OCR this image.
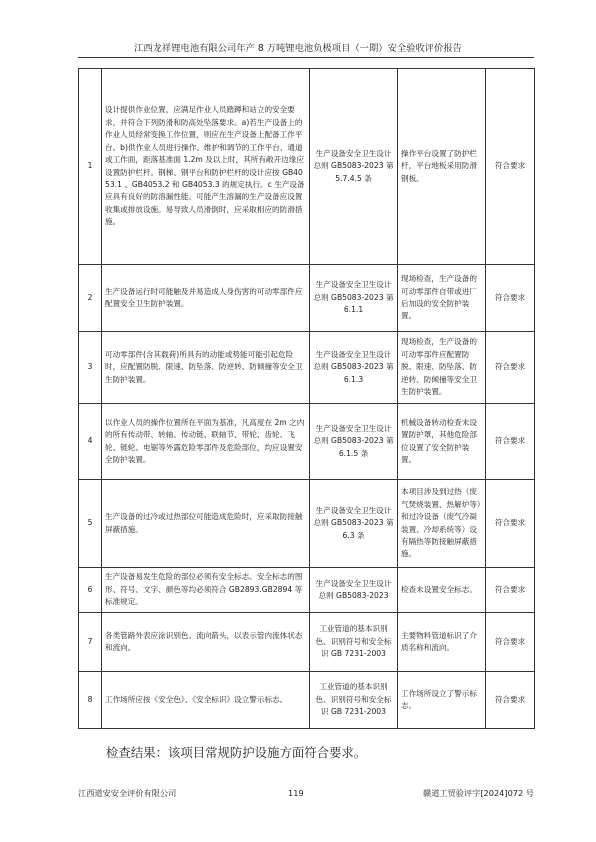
江西龙祥锂电池有限公司年产 8 万吨锂电池负极项目（一期）安全验收评价报告
1	设计提供作业位置，应满足作业人员踏蹲和站立的安全要求，并符合下列防滑和防高处坠落要求。a)若生产设备上的作业人员经常变换工作位置，则应在生产设备上配备工作平台。b)供作业人员进行操作、维护和调节的工作平台、通道或工作面，距落基准面 1.2m 及以上时，其所有敞开边缘应设置防护栏杆。钢梯、钢平台和防护栏杆的设计应按 GB4053.1 、GB4053.2 和 GB4053.3 的规定执行。c 生产设备应具有良好的防溶漏性能。可能产生溶漏的生产设备应设置收集或排放设施。易导致人员滑倒时，应采取相应的防滑措施。	生产设备安全卫生设计总则 GB5083-2023 第 5.7.4.5 条	操作平台设置了防护栏杆，平台地板采用防滑钢板。	符合要求
2	生产设备运行时可能触及并易造成人身伤害的可动零部件应配置安全卫生防护装置。	生产设备安全卫生设计总则 GB5083-2023 第 6.1.1	现场检查，生产设备的可动零部件自带或进厂后加设的安全防护装置。	符合要求
3	可动零部件(含其载荷)所具有的动能或势能可能引起危险时，应配置防脱、限速、防坠落、防逆转、防倾撞等安全卫生防护装置。	生产设备安全卫生设计总则 GB5083-2023 第 6.1.3	现场检查，生产设备的可动零部件应配置防脱、限速、防坠落、防逆转、防倾撞等安全卫生防护装置。	符合要求
4	以作业人员的操作位置所在平面为基准，凡高度在 2m 之内的所有传动带、转轴、传动链、联轴节、带轮、齿轮、飞轮、链轮、电锯等外露危险零部件及危险部位，均应设置安全防护装置。	生产设备安全卫生设计总则 GB5083-2023 第 6.1.5 条	机械设备转动检查未设置防护罩，其他危险部位设置了安全防护装置。	符合要求
5	生产设备的过冷或过热部位可能造成危险时，应采取防接触屏蔽措施。	生产设备安全卫生设计总则 GB5083-2023 第 6.3 条	本项目涉及到过热（废气焚烧装置、热解炉等）和过冷设备（废气冷凝装置、冷却系统等）设有隔热等防接触屏蔽措施。	符合要求
6	生产设备易发生危险的部位必须有安全标志。安全标志的图形、符号、文字、颜色等均必须符合 GB2893.GB2894 等标准规定。	生产设备安全卫生设计总则 GB5083-2023	检查未设置安全标志。	符合要求
7	各类管路外表应涂识别色、流向箭头，以表示管内流体状态和流向。	工业管道的基本识别色、识别符号和安全标识 GB 7231-2003	主要物料管道标识了介质名称和流向。	符合要求
8	工作场所应按《安全色》、《安全标识》设立警示标志。	工业管道的基本识别色、识别符号和安全标识 GB 7231-2003	工作场所设立了警示标志。	符合要求
检查结果：该项目常规防护设施方面符合要求。
江西道安安全评价有限公司	119	赣道工贸验评字[2024]072 号
